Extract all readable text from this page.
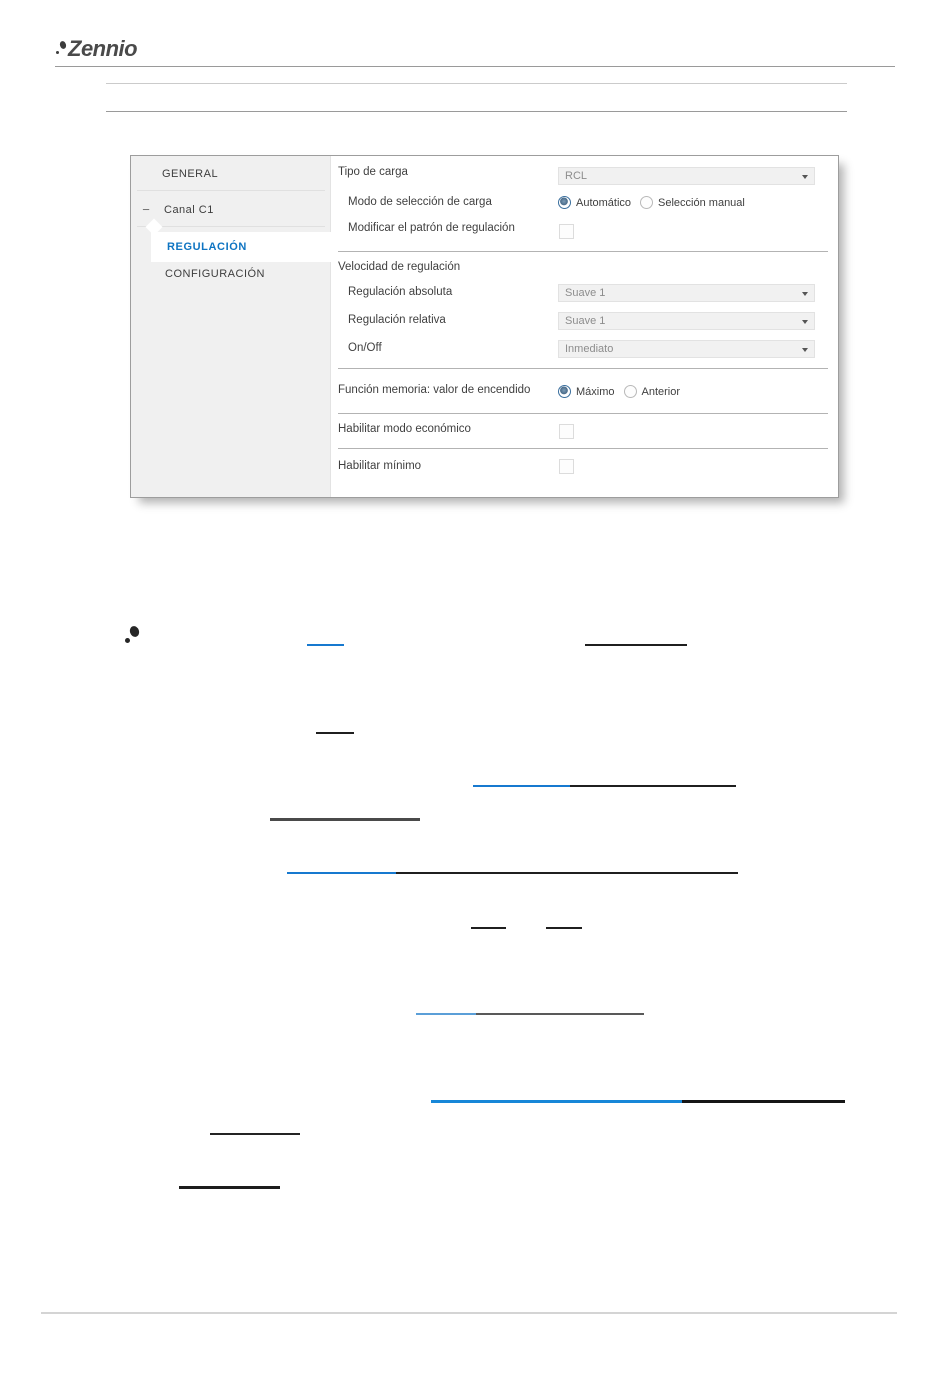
Zennio
GENERAL
− Canal C1
REGULACIÓN
CONFIGURACIÓN
Tipo de carga	RCL
Modo de selección de carga	Automático Selección manual
Modificar el patrón de regulación
Velocidad de regulación
Regulación absoluta	Suave 1
Regulación relativa	Suave 1
On/Off	Inmediato
Función memoria: valor de encendido	Máximo Anterior
Habilitar modo económico
Habilitar mínimo
